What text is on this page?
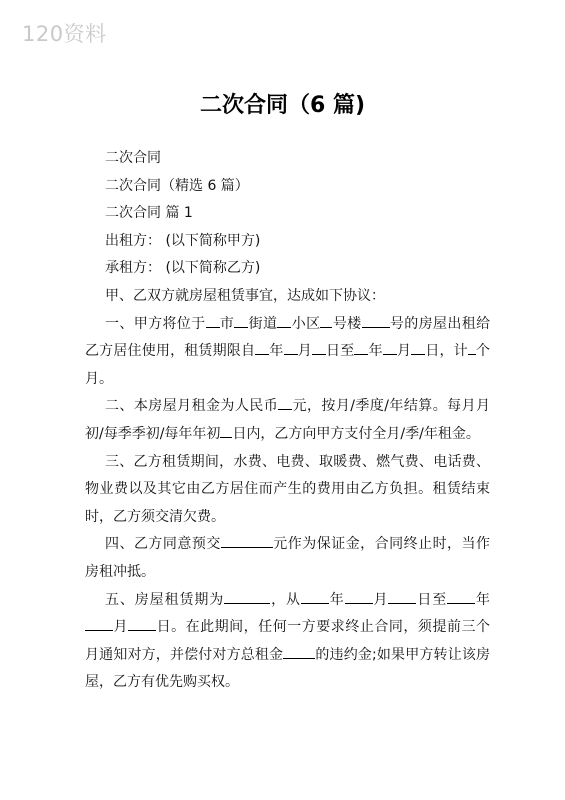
120资料
二次合同（6 篇)

二次合同

二次合同（精选 6 篇）

二次合同 篇 1

出租方： (以下简称甲方)

承租方： (以下简称乙方)

甲、乙双方就房屋租赁事宜，达成如下协议：

一、甲方将位于 市 街道 小区 号楼 号的房屋出租给乙方居住使用，租赁期限自 年 月 日至 年 月 日，计 个月。

二、本房屋月租金为人民币 元，按月/季度/年结算。每月月初/每季季初/每年年初 日内，乙方向甲方支付全月/季/年租金。

三、乙方租赁期间，水费、电费、取暖费、燃气费、电话费、物业费以及其它由乙方居住而产生的费用由乙方负担。租赁结束时，乙方须交清欠费。

四、乙方同意预交	元作为保证金，合同终止时，当作房租冲抵。

五、房屋租赁期为	，从 年 月 日至 年月 日。在此期间，任何一方要求终止合同，须提前三个月通知对方，并偿付对方总租金 的违约金;如果甲方转让该房屋，乙方有优先购买权。
